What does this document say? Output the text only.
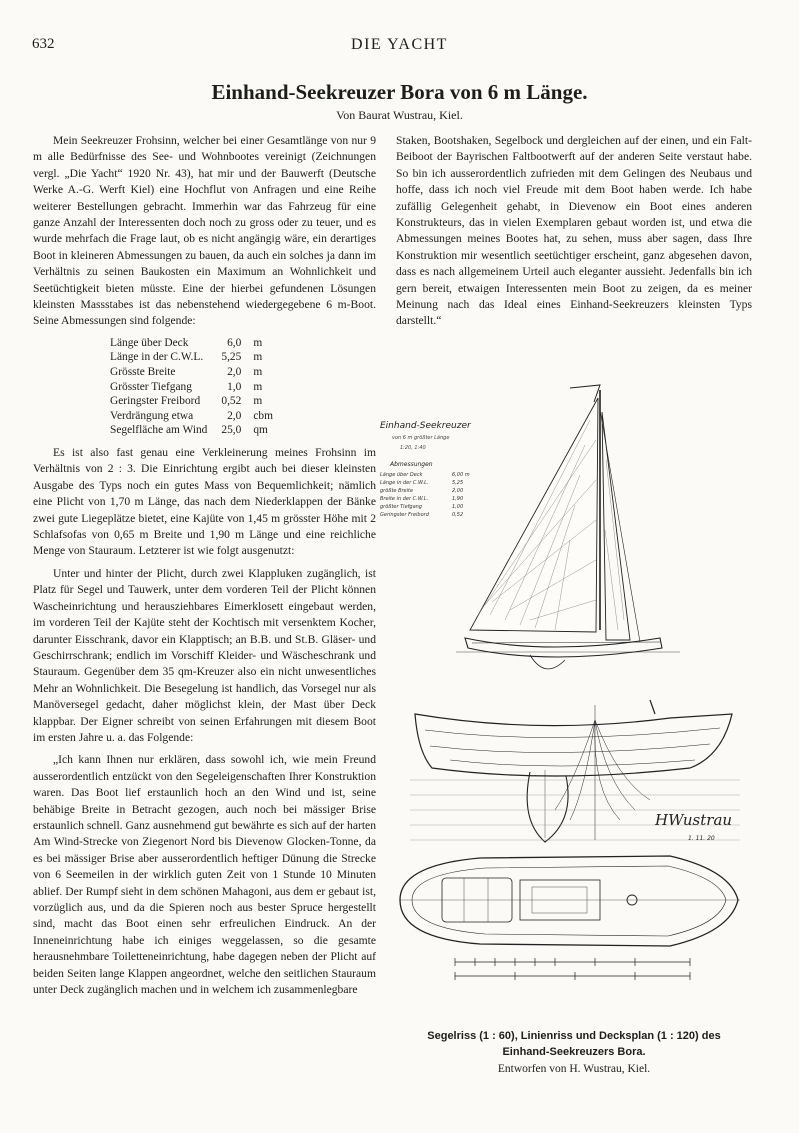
632	DIE YACHT
Einhand-Seekreuzer Bora von 6 m Länge.
Von Baurat Wustrau, Kiel.

Mein Seekreuzer Frohsinn, welcher bei einer Gesamtlänge von nur 9 m alle Bedürfnisse des See- und Wohnbootes vereinigt (Zeichnungen vergl. „Die Yacht“ 1920 Nr. 43), hat mir und der Bauwerft (Deutsche Werke A.-G. Werft Kiel) eine Hochflut von Anfragen und eine Reihe weiterer Bestellungen gebracht. Immerhin war das Fahrzeug für eine ganze Anzahl der Interessenten doch noch zu gross oder zu teuer, und es wurde mehrfach die Frage laut, ob es nicht angängig wäre, ein derartiges Boot in kleineren Abmessungen zu bauen, da auch ein solches ja dann im Verhältnis zu seinen Baukosten ein Maximum an Wohnlichkeit und Seetüchtigkeit bieten müsste. Eine der hierbei gefundenen Lösungen kleinsten Massstabes ist das nebenstehend wiedergegebene 6 m-Boot. Seine Abmessungen sind folgende:

Länge über Deck	6,0	m
Länge in der C.W.L.	5,25	m
Grösste Breite	2,0	m
Grösster Tiefgang	1,0	m
Geringster Freibord	0,52	m
Verdrängung etwa	2,0	cbm
Segelfläche am Wind	25,0	qm

Es ist also fast genau eine Verkleinerung meines Frohsinn im Verhältnis von 2 : 3. Die Einrichtung ergibt auch bei dieser kleinsten Ausgabe des Typs noch ein gutes Mass von Bequemlichkeit; nämlich eine Plicht von 1,70 m Länge, das nach dem Niederklappen der Bänke zwei gute Liegeplätze bietet, eine Kajüte von 1,45 m grösster Höhe mit 2 Schlafsofas von 0,65 m Breite und 1,90 m Länge und eine reichliche Menge von Stauraum. Letzterer ist wie folgt ausgenutzt:

Unter und hinter der Plicht, durch zwei Klappluken zugänglich, ist Platz für Segel und Tauwerk, unter dem vorderen Teil der Plicht können Wascheinrichtung und herausziehbares Eimerklosett eingebaut werden, im vorderen Teil der Kajüte steht der Kochtisch mit versenktem Kocher, darunter Eisschrank, davor ein Klapptisch; an B.B. und St.B. Gläser- und Geschirrschrank; endlich im Vorschiff Kleider- und Wäscheschrank und Stauraum. Gegenüber dem 35 qm-Kreuzer also ein nicht unwesentliches Mehr an Wohnlichkeit. Die Besegelung ist handlich, das Vorsegel nur als Manöversegel gedacht, daher möglichst klein, der Mast über Deck klappbar. Der Eigner schreibt von seinen Erfahrungen mit diesem Boot im ersten Jahre u. a. das Folgende:

„Ich kann Ihnen nur erklären, dass sowohl ich, wie mein Freund ausserordentlich entzückt von den Segeleigenschaften Ihrer Konstruktion waren. Das Boot lief erstaunlich hoch an den Wind und ist, seine behäbige Breite in Betracht gezogen, auch noch bei mässiger Brise erstaunlich schnell. Ganz ausnehmend gut bewährte es sich auf der harten Am Wind-Strecke von Ziegenort Nord bis Dievenow Glocken-Tonne, da es bei mässiger Brise aber ausserordentlich heftiger Dünung die Strecke von 6 Seemeilen in der wirklich guten Zeit von 1 Stunde 10 Minuten ablief. Der Rumpf sieht in dem schönen Mahagoni, aus dem er gebaut ist, vorzüglich aus, und da die Spieren noch aus bester Spruce hergestellt sind, macht das Boot einen sehr erfreulichen Eindruck. An der Inneneinrichtung habe ich einiges weggelassen, so die gesamte herausnehmbare Toiletteneinrichtung, habe dagegen neben der Plicht auf beiden Seiten lange Klappen angeordnet, welche den seitlichen Stauraum unter Deck zugänglich machen und in welchem ich zusammenlegbare

Staken, Bootshaken, Segelbock und dergleichen auf der einen, und ein Falt-Beiboot der Bayrischen Faltbootwerft auf der anderen Seite verstaut habe. So bin ich ausserordentlich zufrieden mit dem Gelingen des Neubaus und hoffe, dass ich noch viel Freude mit dem Boot haben werde. Ich habe zufällig Gelegenheit gehabt, in Dievenow ein Boot eines anderen Konstrukteurs, das in vielen Exemplaren gebaut worden ist, und etwa die Abmessungen meines Bootes hat, zu sehen, muss aber sagen, dass Ihre Konstruktion mir wesentlich seetüchtiger erscheint, ganz abgesehen davon, dass es nach allgemeinem Urteil auch eleganter aussieht. Jedenfalls bin ich gern bereit, etwaigen Interessenten mein Boot zu zeigen, da es meiner Meinung nach das Ideal eines Einhand-Seekreuzers kleinsten Typs darstellt.“

Einhand-Seekreuzer
von 6 m größter Länge
1:20, 1:40
Abmessungen
Länge über Deck	6,00 m
Länge in der C.W.L.	5,25
größte Breite	2,00
Breite in der C.W.L.	1,90
größter Tiefgang	1,00
Geringster Freibord	0,52
HWustrau
1. 11. 20
Segelriss (1 : 60), Linienriss und Decksplan (1 : 120) des
Einhand-Seekreuzers Bora.
Entworfen von H. Wustrau, Kiel.
